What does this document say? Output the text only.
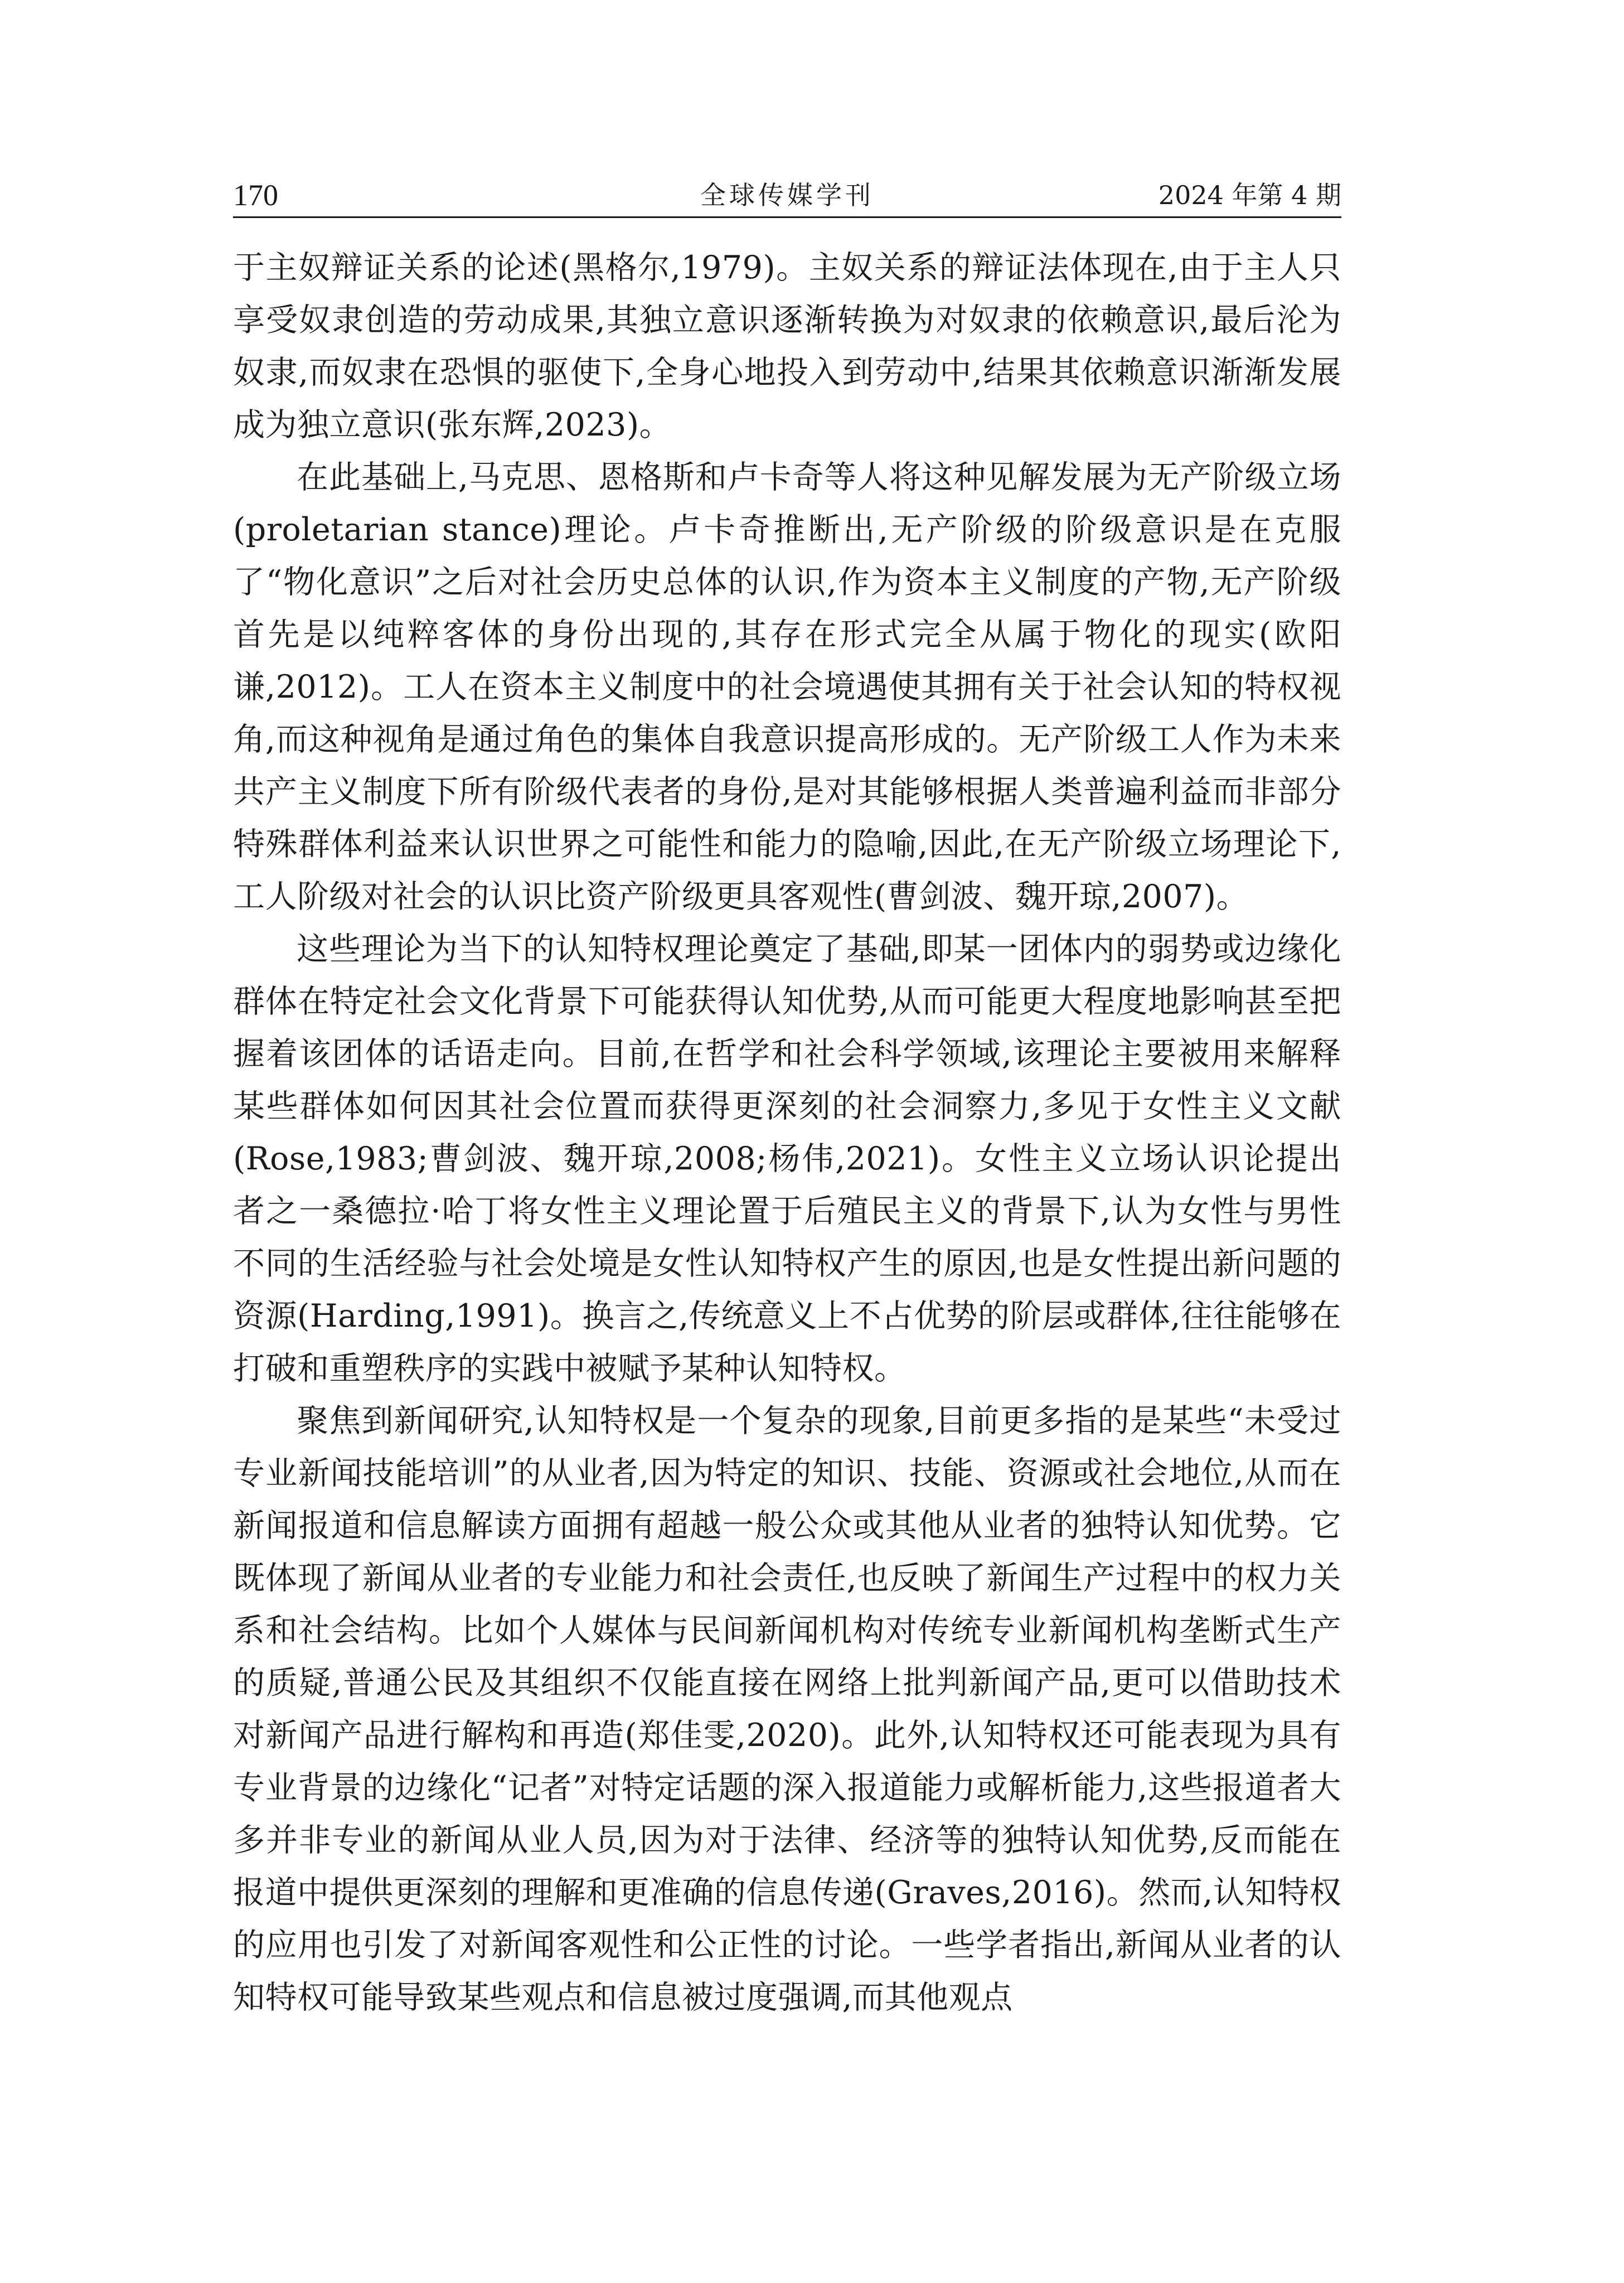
170	全球传媒学刊	2024 年第 4 期

于主奴辩证关系的论述(黑格尔,1979)。主奴关系的辩证法体现在,由于主人只享受奴隶创造的劳动成果,其独立意识逐渐转换为对奴隶的依赖意识,最后沦为奴隶,而奴隶在恐惧的驱使下,全身心地投入到劳动中,结果其依赖意识渐渐发展成为独立意识(张东辉,2023)。

在此基础上,马克思、恩格斯和卢卡奇等人将这种见解发展为无产阶级立场(proletarian stance)理论。卢卡奇推断出,无产阶级的阶级意识是在克服了“物化意识”之后对社会历史总体的认识,作为资本主义制度的产物,无产阶级首先是以纯粹客体的身份出现的,其存在形式完全从属于物化的现实(欧阳谦,2012)。工人在资本主义制度中的社会境遇使其拥有关于社会认知的特权视角,而这种视角是通过角色的集体自我意识提高形成的。无产阶级工人作为未来共产主义制度下所有阶级代表者的身份,是对其能够根据人类普遍利益而非部分特殊群体利益来认识世界之可能性和能力的隐喻,因此,在无产阶级立场理论下,工人阶级对社会的认识比资产阶级更具客观性(曹剑波、魏开琼,2007)。

这些理论为当下的认知特权理论奠定了基础,即某一团体内的弱势或边缘化群体在特定社会文化背景下可能获得认知优势,从而可能更大程度地影响甚至把握着该团体的话语走向。目前,在哲学和社会科学领域,该理论主要被用来解释某些群体如何因其社会位置而获得更深刻的社会洞察力,多见于女性主义文献(Rose,1983;曹剑波、魏开琼,2008;杨伟,2021)。女性主义立场认识论提出者之一桑德拉·哈丁将女性主义理论置于后殖民主义的背景下,认为女性与男性不同的生活经验与社会处境是女性认知特权产生的原因,也是女性提出新问题的资源(Harding,1991)。换言之,传统意义上不占优势的阶层或群体,往往能够在打破和重塑秩序的实践中被赋予某种认知特权。

聚焦到新闻研究,认知特权是一个复杂的现象,目前更多指的是某些“未受过专业新闻技能培训”的从业者,因为特定的知识、技能、资源或社会地位,从而在新闻报道和信息解读方面拥有超越一般公众或其他从业者的独特认知优势。它既体现了新闻从业者的专业能力和社会责任,也反映了新闻生产过程中的权力关系和社会结构。比如个人媒体与民间新闻机构对传统专业新闻机构垄断式生产的质疑,普通公民及其组织不仅能直接在网络上批判新闻产品,更可以借助技术对新闻产品进行解构和再造(郑佳雯,2020)。此外,认知特权还可能表现为具有专业背景的边缘化“记者”对特定话题的深入报道能力或解析能力,这些报道者大多并非专业的新闻从业人员,因为对于法律、经济等的独特认知优势,反而能在报道中提供更深刻的理解和更准确的信息传递(Graves,2016)。然而,认知特权的应用也引发了对新闻客观性和公正性的讨论。一些学者指出,新闻从业者的认知特权可能导致某些观点和信息被过度强调,而其他观点
